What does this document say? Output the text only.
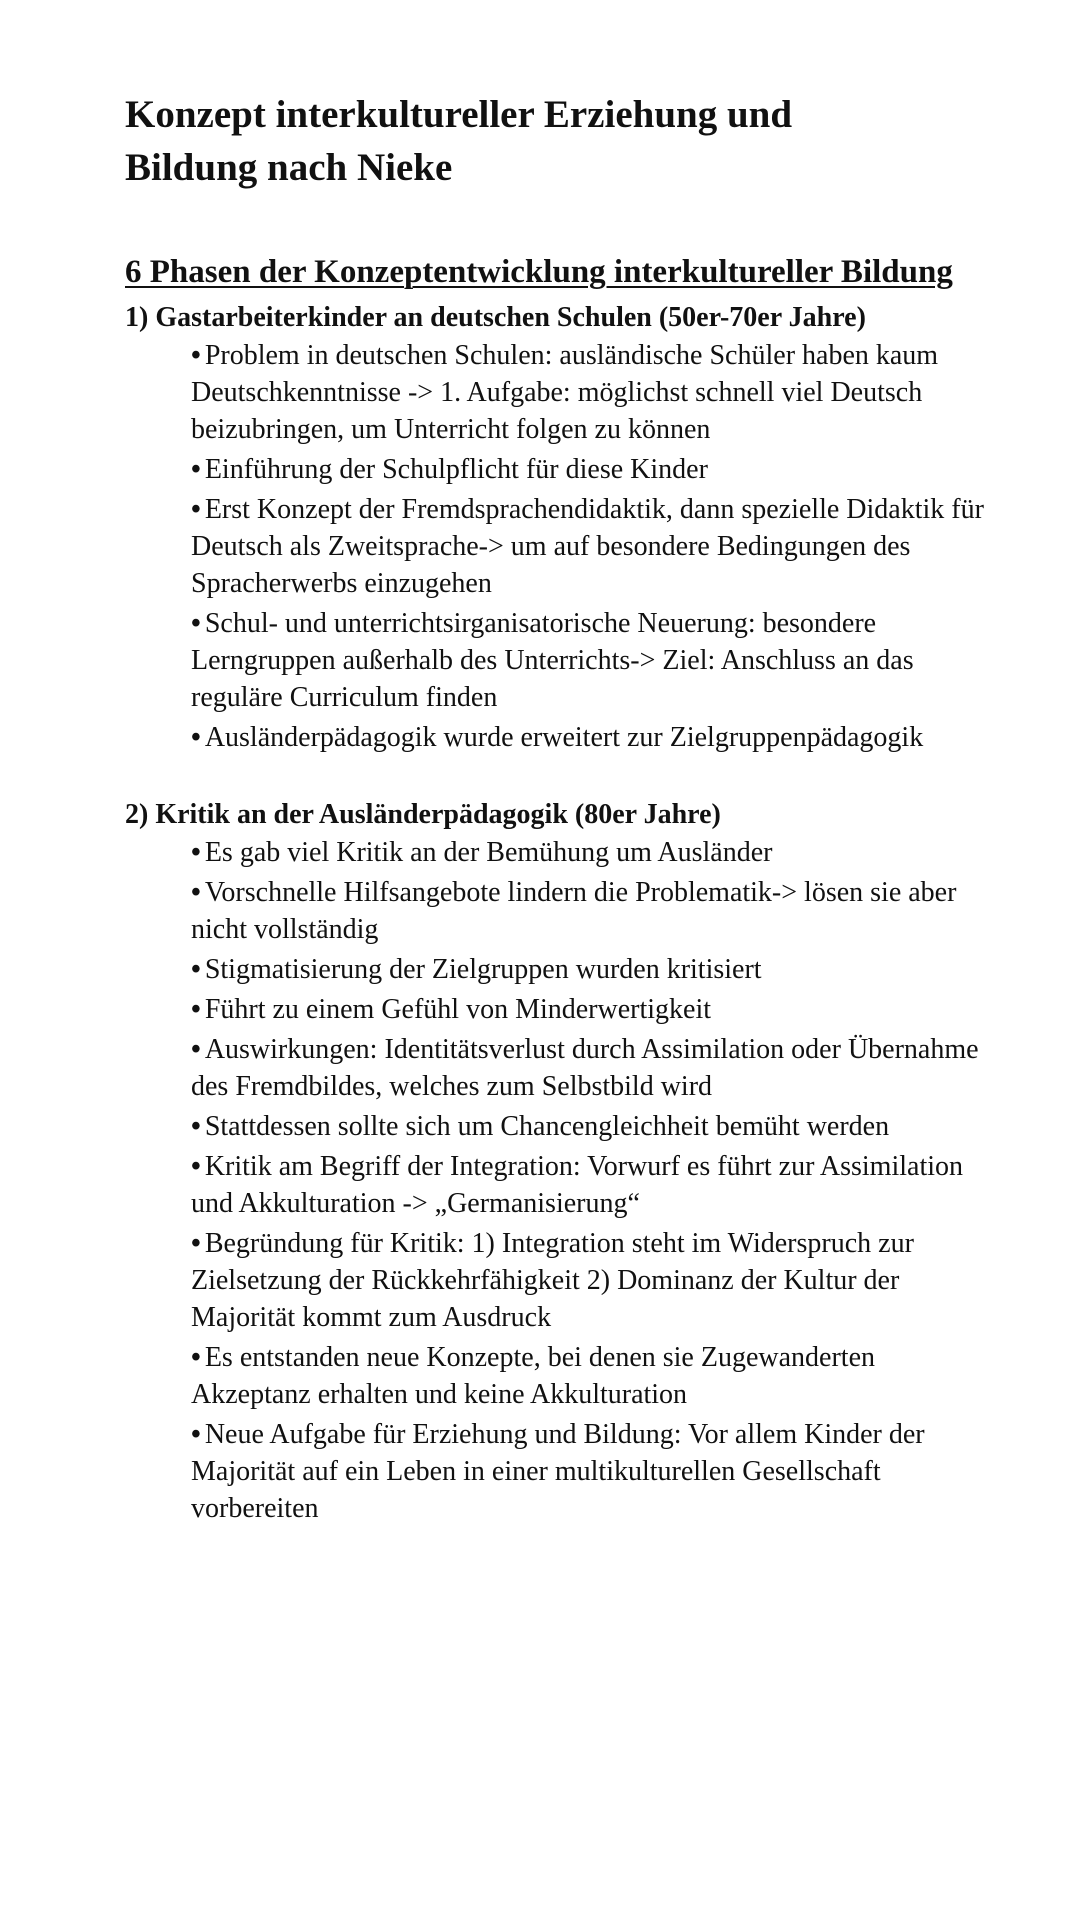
Konzept interkultureller Erziehung und Bildung nach Nieke
6 Phasen der Konzeptentwicklung interkultureller Bildung
1) Gastarbeiterkinder an deutschen Schulen (50er-70er Jahre)
• Problem in deutschen Schulen: ausländische Schüler haben kaum Deutschkenntnisse -> 1. Aufgabe: möglichst schnell viel Deutsch beizubringen, um Unterricht folgen zu können
• Einführung der Schulpflicht für diese Kinder
• Erst Konzept der Fremdsprachendidaktik, dann spezielle Didaktik für Deutsch als Zweitsprache-> um auf besondere Bedingungen des Spracherwerbs einzugehen
• Schul- und unterrichtsirganisatorische Neuerung: besondere Lerngruppen außerhalb des Unterrichts-> Ziel: Anschluss an das reguläre Curriculum finden
• Ausländerpädagogik wurde erweitert zur Zielgruppenpädagogik
2) Kritik an der Ausländerpädagogik (80er Jahre)
• Es gab viel Kritik an der Bemühung um Ausländer
• Vorschnelle Hilfsangebote lindern die Problematik-> lösen sie aber nicht vollständig
• Stigmatisierung der Zielgruppen wurden kritisiert
• Führt zu einem Gefühl von Minderwertigkeit
• Auswirkungen: Identitätsverlust durch Assimilation oder Übernahme des Fremdbildes, welches zum Selbstbild wird
• Stattdessen sollte sich um Chancengleichheit bemüht werden
• Kritik am Begriff der Integration: Vorwurf es führt zur Assimilation und Akkulturation -> „Germanisierung“
• Begründung für Kritik: 1) Integration steht im Widerspruch zur Zielsetzung der Rückkehrfähigkeit 2) Dominanz der Kultur der Majorität kommt zum Ausdruck
• Es entstanden neue Konzepte, bei denen sie Zugewanderten Akzeptanz erhalten und keine Akkulturation
• Neue Aufgabe für Erziehung und Bildung: Vor allem Kinder der Majorität auf ein Leben in einer multikulturellen Gesellschaft vorbereiten
